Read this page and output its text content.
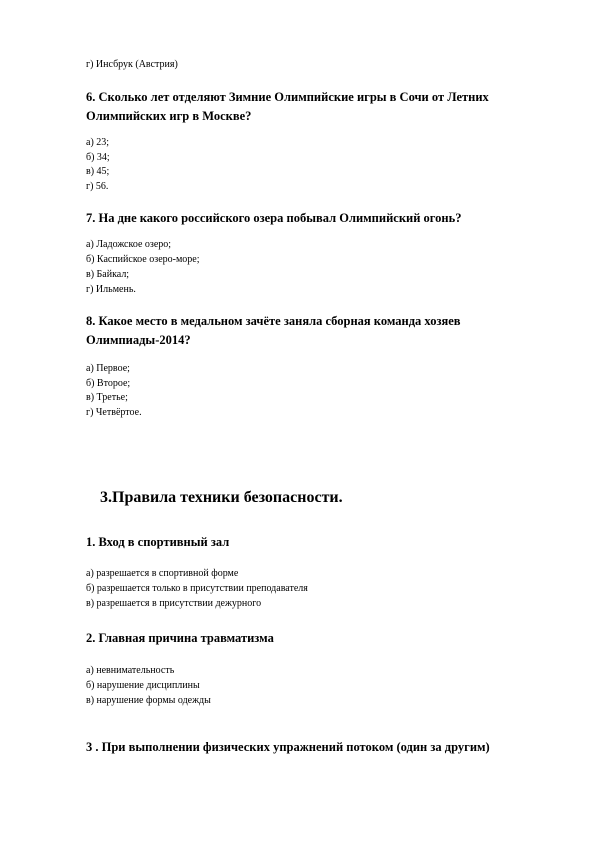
г) Инсбрук (Австрия)
6. Сколько лет отделяют Зимние Олимпийские игры в Сочи от Летних
Олимпийских игр в Москве?
а) 23;
б) 34;
в) 45;
г) 56.
7. На дне какого российского озера побывал Олимпийский огонь?
а) Ладожское озеро;
б) Каспийское озеро-море;
в) Байкал;
г) Ильмень.
8. Какое место в медальном зачёте заняла сборная команда хозяев
Олимпиады-2014?
а) Первое;
б) Второе;
в) Третье;
г) Четвёртое.
3.Правила техники безопасности.
1. Вход в спортивный зал
а) разрешается в спортивной форме
б) разрешается только в присутствии преподавателя
в) разрешается в присутствии дежурного
2. Главная причина травматизма
а) невнимательность
б) нарушение дисциплины
в) нарушение формы одежды
3 . При выполнении физических упражнений потоком (один за другим)
